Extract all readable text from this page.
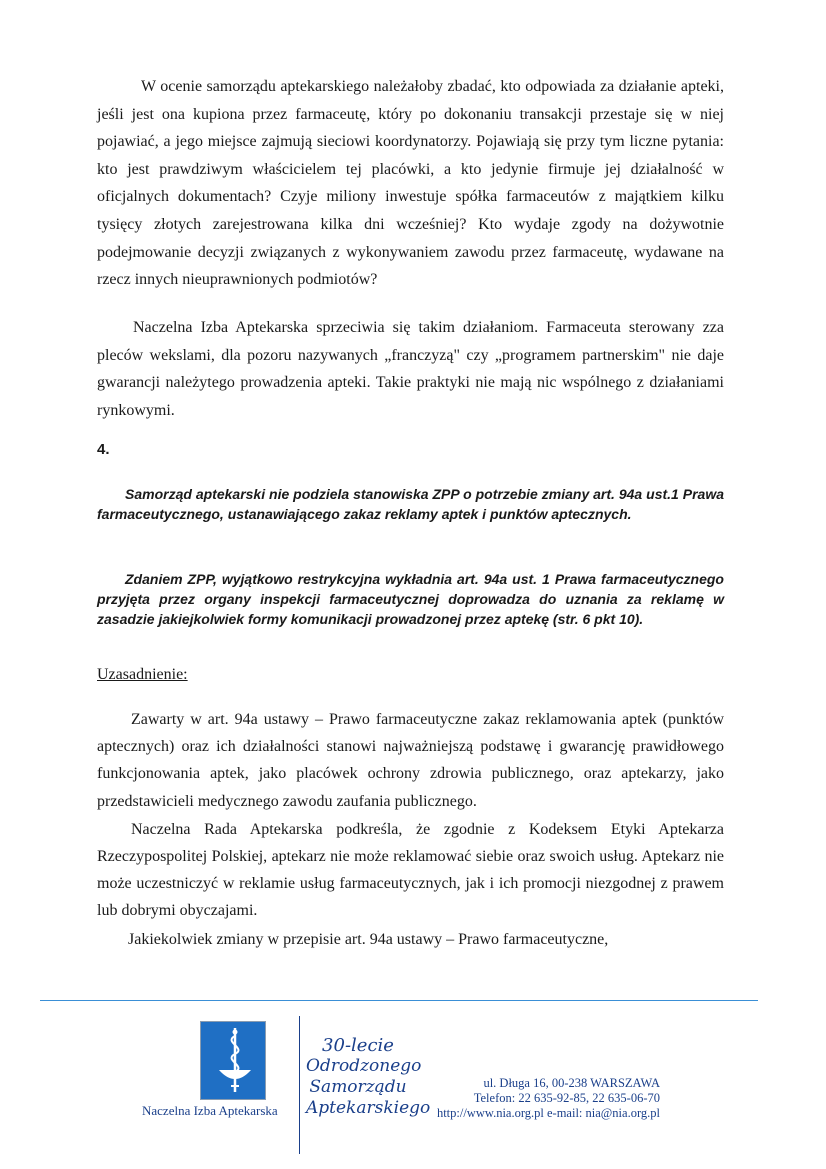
W ocenie samorządu aptekarskiego należałoby zbadać, kto odpowiada za działanie apteki, jeśli jest ona kupiona przez farmaceutę, który po dokonaniu transakcji przestaje się w niej pojawiać, a jego miejsce zajmują sieciowi koordynatorzy. Pojawiają się przy tym liczne pytania: kto jest prawdziwym właścicielem tej placówki, a kto jedynie firmuje jej działalność w oficjalnych dokumentach? Czyje miliony inwestuje spółka farmaceutów z majątkiem kilku tysięcy złotych zarejestrowana kilka dni wcześniej? Kto wydaje zgody na dożywotnie podejmowanie decyzji związanych z wykonywaniem zawodu przez farmaceutę, wydawane na rzecz innych nieuprawnionych podmiotów?

Naczelna Izba Aptekarska sprzeciwia się takim działaniom. Farmaceuta sterowany zza pleców wekslami, dla pozoru nazywanych „franczyzą" czy „programem partnerskim" nie daje gwarancji należytego prowadzenia apteki. Takie praktyki nie mają nic wspólnego z działaniami rynkowymi.

4.

Samorząd aptekarski nie podziela stanowiska ZPP o potrzebie zmiany art. 94a ust.1 Prawa farmaceutycznego, ustanawiającego zakaz reklamy aptek i punktów aptecznych.

Zdaniem ZPP, wyjątkowo restrykcyjna wykładnia art. 94a ust. 1 Prawa farmaceutycznego przyjęta przez organy inspekcji farmaceutycznej doprowadza do uznania za reklamę w zasadzie jakiejkolwiek formy komunikacji prowadzonej przez aptekę (str. 6 pkt 10).

Uzasadnienie:

Zawarty w art. 94a ustawy – Prawo farmaceutyczne zakaz reklamowania aptek (punktów aptecznych) oraz ich działalności stanowi najważniejszą podstawę i gwarancję prawidłowego funkcjonowania aptek, jako placówek ochrony zdrowia publicznego, oraz aptekarzy, jako przedstawicieli medycznego zawodu zaufania publicznego.

Naczelna Rada Aptekarska podkreśla, że zgodnie z Kodeksem Etyki Aptekarza Rzeczypospolitej Polskiej, aptekarz nie może reklamować siebie oraz swoich usług. Aptekarz nie może uczestniczyć w reklamie usług farmaceutycznych, jak i ich promocji niezgodnej z prawem lub dobrymi obyczajami.

Jakiekolwiek zmiany w przepisie art. 94a ustawy – Prawo farmaceutyczne,

Naczelna Izba Aptekarska
30-lecie
Odrodzonego
Samorządu
Aptekarskiego
ul. Długa 16, 00-238 WARSZAWA
Telefon: 22 635-92-85, 22 635-06-70
http://www.nia.org.pl e-mail: nia@nia.org.pl
